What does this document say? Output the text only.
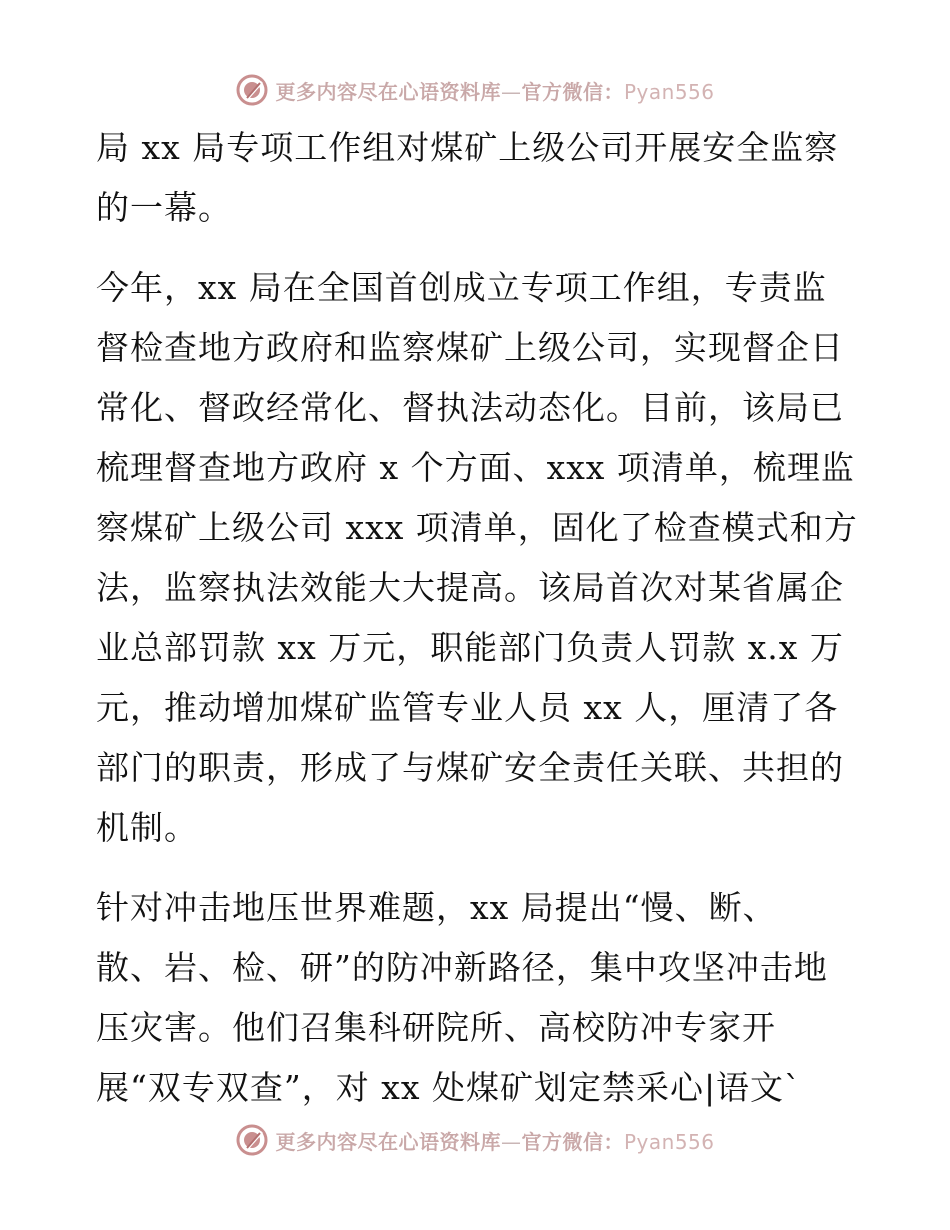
更多内容尽在心语资料库—官方微信：Pyan556
局 xx 局专项工作组对煤矿上级公司开展安全监察
的一幕。
今年，xx 局在全国首创成立专项工作组，专责监
督检查地方政府和监察煤矿上级公司，实现督企日
常化、督政经常化、督执法动态化。目前，该局已
梳理督查地方政府 x 个方面、xxx 项清单，梳理监
察煤矿上级公司 xxx 项清单，固化了检查模式和方
法，监察执法效能大大提高。该局首次对某省属企
业总部罚款 xx 万元，职能部门负责人罚款 x.x 万
元，推动增加煤矿监管专业人员 xx 人，厘清了各
部门的职责，形成了与煤矿安全责任关联、共担的
机制。
针对冲击地压世界难题，xx 局提出“慢、断、
散、岩、检、研”的防冲新路径，集中攻坚冲击地
压灾害。他们召集科研院所、高校防冲专家开
展“双专双查”，对 xx 处煤矿划定禁采心|语文`
更多内容尽在心语资料库—官方微信：Pyan556
